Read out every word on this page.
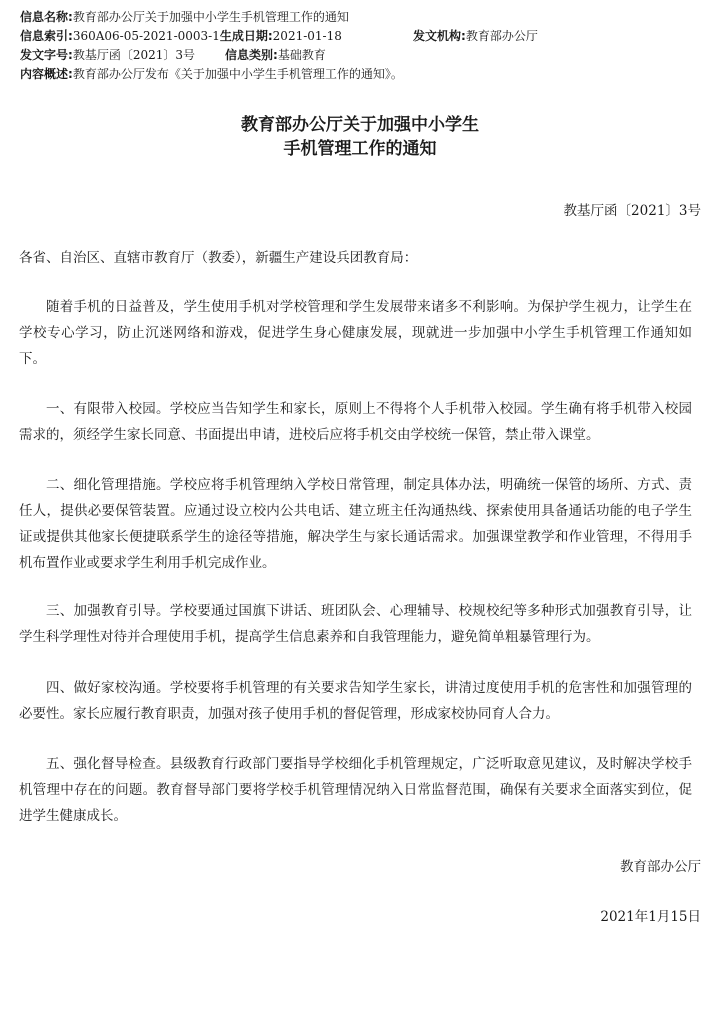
信息名称:教育部办公厅关于加强中小学生手机管理工作的通知
信息索引:360A06-05-2021-0003-1生成日期:2021-01-18	发文机构:教育部办公厅
发文字号:教基厅函〔2021〕3号	信息类别:基础教育
内容概述:教育部办公厅发布《关于加强中小学生手机管理工作的通知》。
教育部办公厅关于加强中小学生
手机管理工作的通知
教基厅函〔2021〕3号

各省、自治区、直辖市教育厅（教委），新疆生产建设兵团教育局：

随着手机的日益普及，学生使用手机对学校管理和学生发展带来诸多不利影响。为保护学生视力，让学生在学校专心学习，防止沉迷网络和游戏，促进学生身心健康发展，现就进一步加强中小学生手机管理工作通知如下。

一、有限带入校园。学校应当告知学生和家长，原则上不得将个人手机带入校园。学生确有将手机带入校园需求的，须经学生家长同意、书面提出申请，进校后应将手机交由学校统一保管，禁止带入课堂。

二、细化管理措施。学校应将手机管理纳入学校日常管理，制定具体办法，明确统一保管的场所、方式、责任人，提供必要保管装置。应通过设立校内公共电话、建立班主任沟通热线、探索使用具备通话功能的电子学生证或提供其他家长便捷联系学生的途径等措施，解决学生与家长通话需求。加强课堂教学和作业管理，不得用手机布置作业或要求学生利用手机完成作业。

三、加强教育引导。学校要通过国旗下讲话、班团队会、心理辅导、校规校纪等多种形式加强教育引导，让学生科学理性对待并合理使用手机，提高学生信息素养和自我管理能力，避免简单粗暴管理行为。

四、做好家校沟通。学校要将手机管理的有关要求告知学生家长，讲清过度使用手机的危害性和加强管理的必要性。家长应履行教育职责，加强对孩子使用手机的督促管理，形成家校协同育人合力。

五、强化督导检查。县级教育行政部门要指导学校细化手机管理规定，广泛听取意见建议，及时解决学校手机管理中存在的问题。教育督导部门要将学校手机管理情况纳入日常监督范围，确保有关要求全面落实到位，促进学生健康成长。

教育部办公厅
2021年1月15日
